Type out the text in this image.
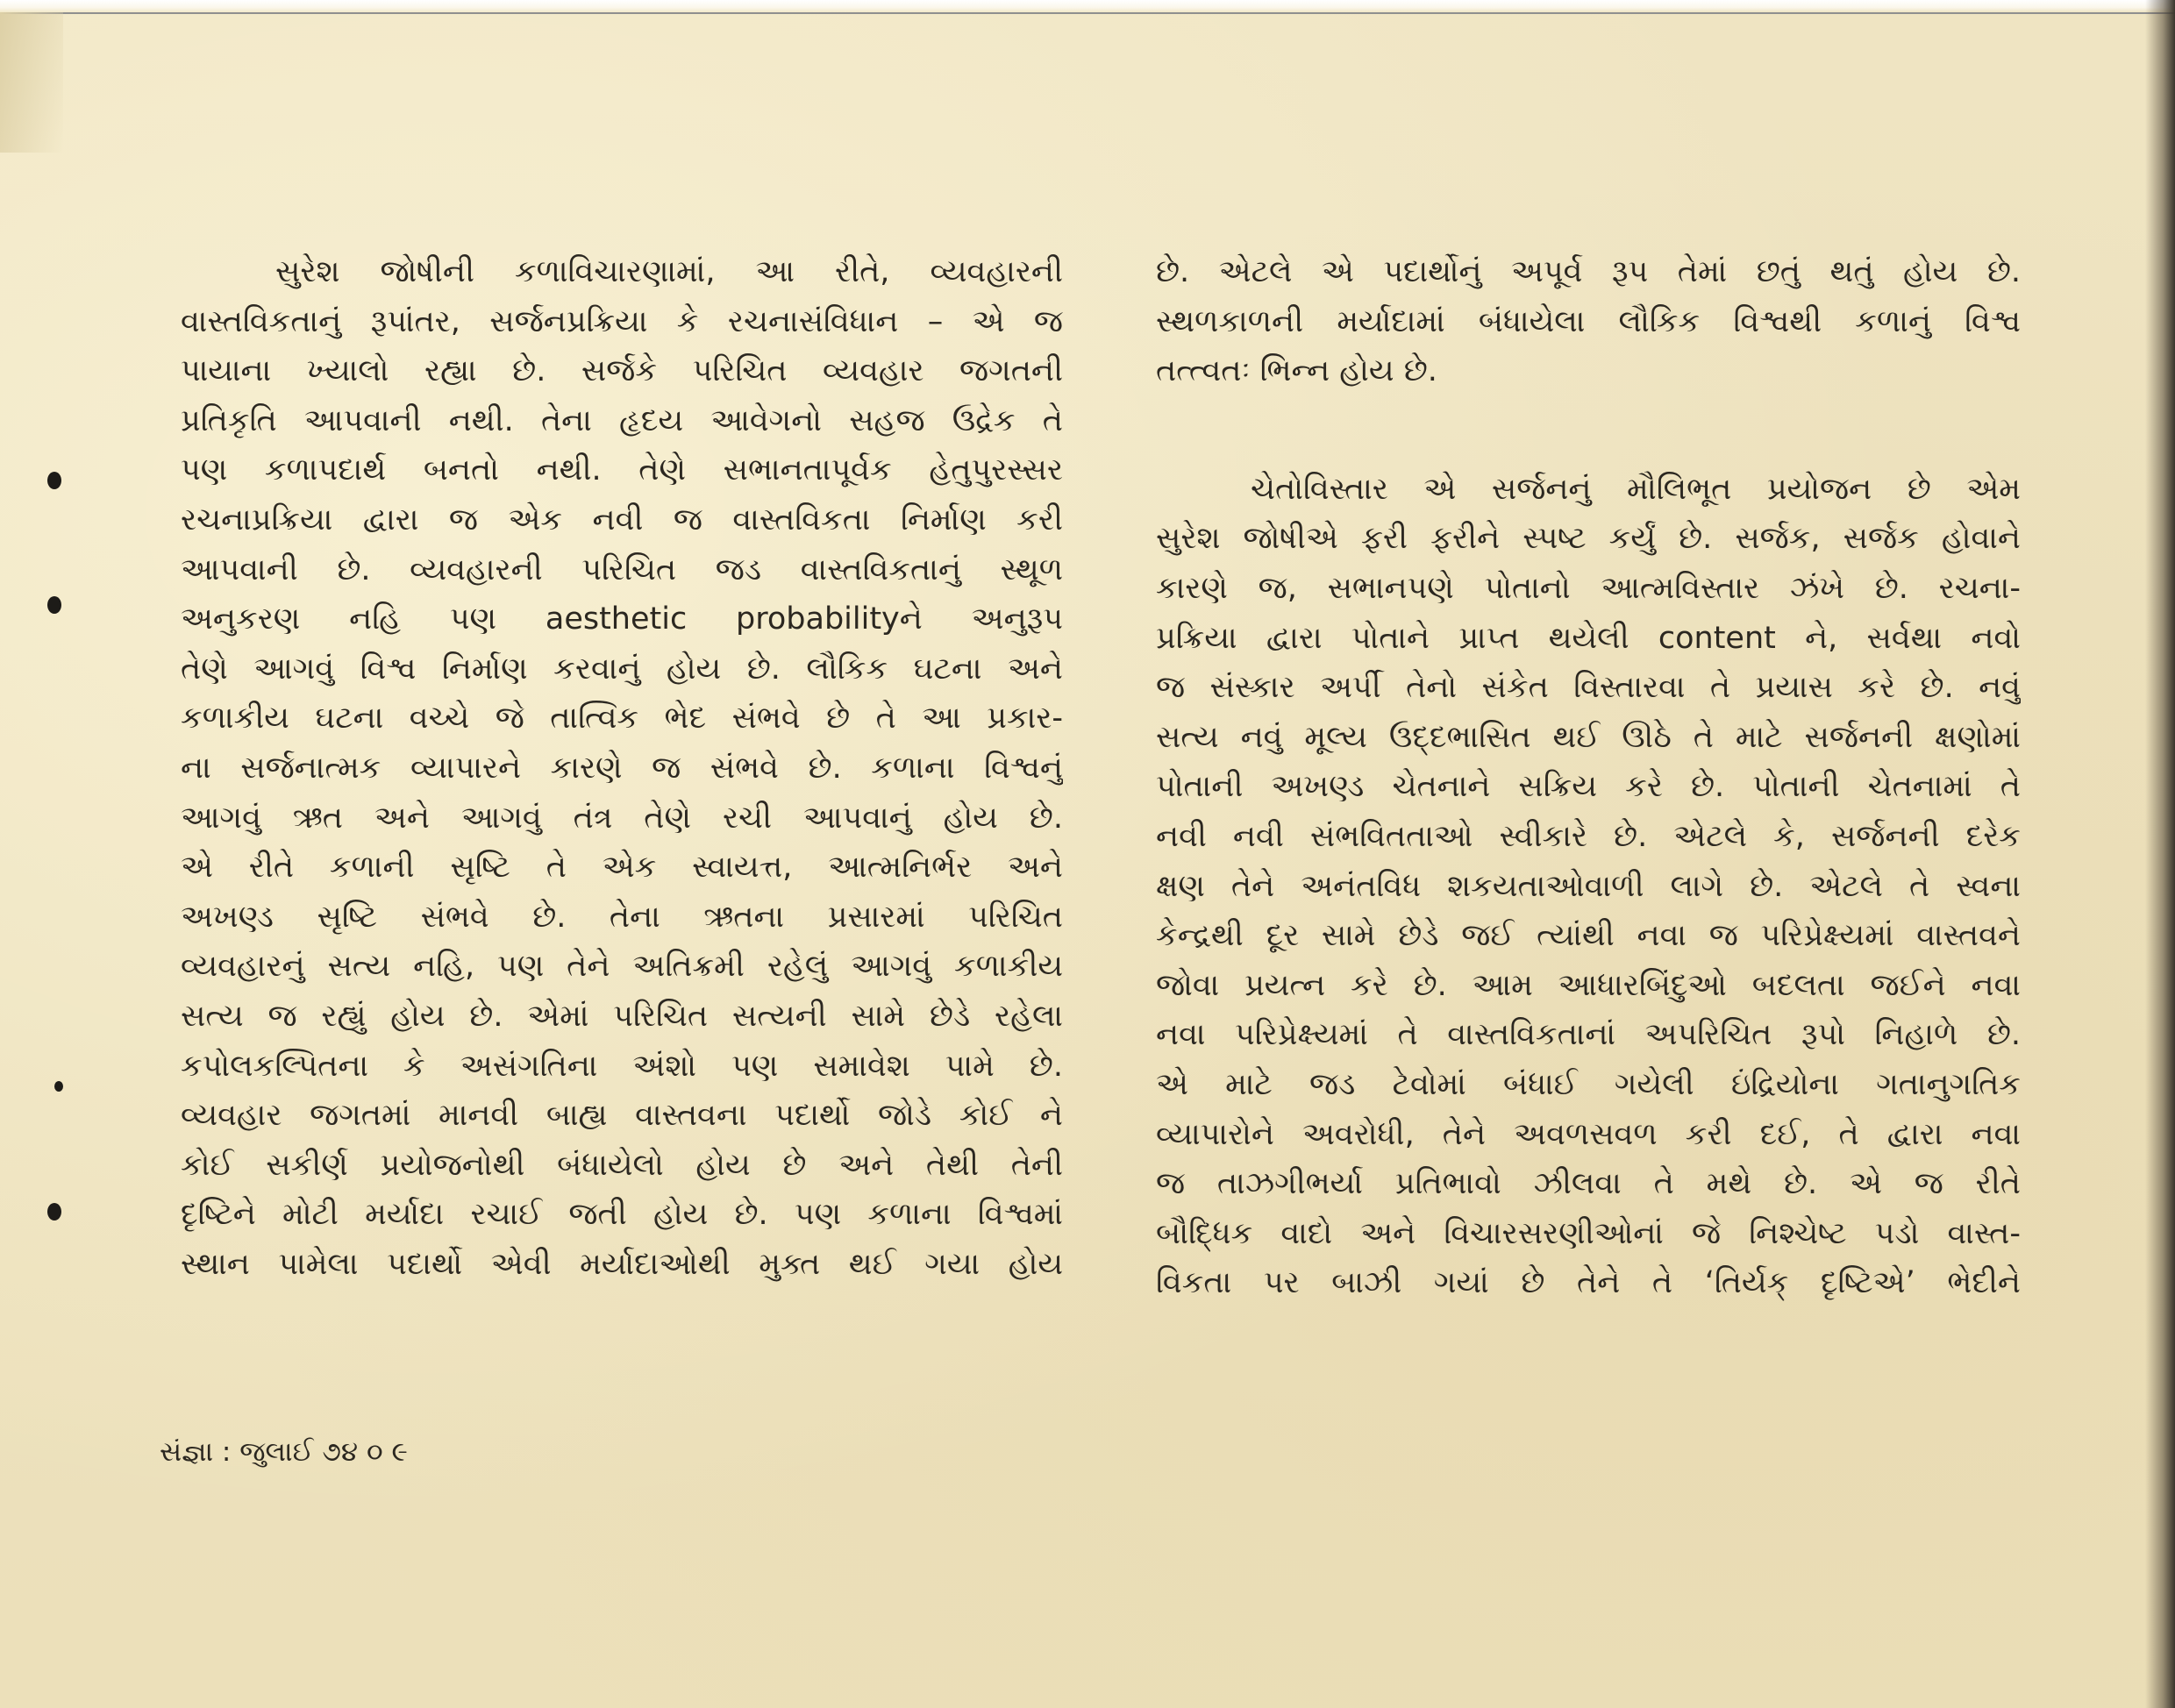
સુરેશ જોષીની કળાવિચારણામાં, આ રીતે, વ્યવહારની
વાસ્તવિકતાનું રૂપાંતર, સર્જનપ્રક્રિયા કે રચનાસંવિધાન – એ જ
પાયાના ખ્યાલો રહ્યા છે. સર્જકે પરિચિત વ્યવહાર જગતની
પ્રતિકૃતિ આપવાની નથી. તેના હૃદય આવેગનો સહજ ઉદ્રેક તે
પણ કળાપદાર્થ બનતો નથી. તેણે સભાનતાપૂર્વક હેતુપુરસ્સર
રચનાપ્રક્રિયા દ્વારા જ એક નવી જ વાસ્તવિકતા નિર્માણ કરી
આપવાની છે. વ્યવહારની પરિચિત જડ વાસ્તવિકતાનું સ્થૂળ
અનુકરણ નહિ પણ aesthetic probabilityને અનુરૂપ
તેણે આગવું વિશ્વ નિર્માણ કરવાનું હોય છે. લૌકિક ઘટના અને
કળાકીય ઘટના વચ્ચે જે તાત્વિક ભેદ સંભવે છે તે આ પ્રકાર-
ના સર્જનાત્મક વ્યાપારને કારણે જ સંભવે છે. કળાના વિશ્વનું
આગવું ઋત અને આગવું તંત્ર તેણે રચી આપવાનું હોય છે.
એ રીતે કળાની સૃષ્ટિ તે એક સ્વાયત્ત, આત્મનિર્ભર અને
અખણ્ડ સૃષ્ટિ સંભવે છે. તેના ઋતના પ્રસારમાં પરિચિત
વ્યવહારનું સત્ય નહિ, પણ તેને અતિક્રમી રહેલું આગવું કળાકીય
સત્ય જ રહ્યું હોય છે. એમાં પરિચિત સત્યની સામે છેડે રહેલા
કપોલકલ્પિતના કે અસંગતિના અંશો પણ સમાવેશ પામે છે.
વ્યવહાર જગતમાં માનવી બાહ્ય વાસ્તવના પદાર્થો જોડે કોઈ ને
કોઈ સકીર્ણ પ્રયોજનોથી બંધાયેલો હોય છે અને તેથી તેની
દૃષ્ટિને મોટી મર્યાદા રચાઈ જતી હોય છે. પણ કળાના વિશ્વમાં
સ્થાન પામેલા પદાર્થો એવી મર્યાદાઓથી મુક્ત થઈ ગયા હોય
છે. એટલે એ પદાર્થોનું અપૂર્વ રૂપ તેમાં છતું થતું હોય છે.
સ્થળકાળની મર્યાદામાં બંધાયેલા લૌકિક વિશ્વથી કળાનું વિશ્વ
તત્ત્વતઃ ભિન્ન હોય છે.
ચેતોવિસ્તાર એ સર્જનનું મૌલિભૂત પ્રયોજન છે એમ
સુરેશ જોષીએ ફરી ફરીને સ્પષ્ટ કર્યું છે. સર્જક, સર્જક હોવાને
કારણે જ, સભાનપણે પોતાનો આત્મવિસ્તાર ઝંખે છે. રચના-
પ્રક્રિયા દ્વારા પોતાને પ્રાપ્ત થયેલી content ને, સર્વથા નવો
જ સંસ્કાર અર્પી તેનો સંકેત વિસ્તારવા તે પ્રયાસ કરે છે. નવું
સત્ય નવું મૂલ્ય ઉદ્દભાસિત થઈ ઊઠે તે માટે સર્જનની ક્ષણોમાં
પોતાની અખણ્ડ ચેતનાને સક્રિય કરે છે. પોતાની ચેતનામાં તે
નવી નવી સંભવિતતાઓ સ્વીકારે છે. એટલે કે, સર્જનની દરેક
ક્ષણ તેને અનંતવિધ શકયતાઓવાળી લાગે છે. એટલે તે સ્વના
કેન્દ્રથી દૂર સામે છેડે જઈ ત્યાંથી નવા જ પરિપ્રેક્ષ્યમાં વાસ્તવને
જોવા પ્રયત્ન કરે છે. આમ આધારબિંદુઓ બદલતા જઈને નવા
નવા પરિપ્રેક્ષ્યમાં તે વાસ્તવિકતાનાં અપરિચિત રૂપો નિહાળે છે.
એ માટે જડ ટેવોમાં બંધાઈ ગયેલી ઇંદ્રિયોના ગતાનુગતિક
વ્યાપારોને અવરોધી, તેને અવળસવળ કરી દઈ, તે દ્વારા નવા
જ તાઝગીભર્યા પ્રતિભાવો ઝીલવા તે મથે છે. એ જ રીતે
બૌદ્ધિક વાદો અને વિચારસરણીઓનાં જે નિશ્ચેષ્ટ પડો વાસ્ત-
વિકતા પર બાઝી ગયાં છે તેને તે ‘તિર્યક્ દૃષ્ટિએ’ ભેદીને
સંજ્ઞા : જુલાઈ ૭૪ ૦ ૯
